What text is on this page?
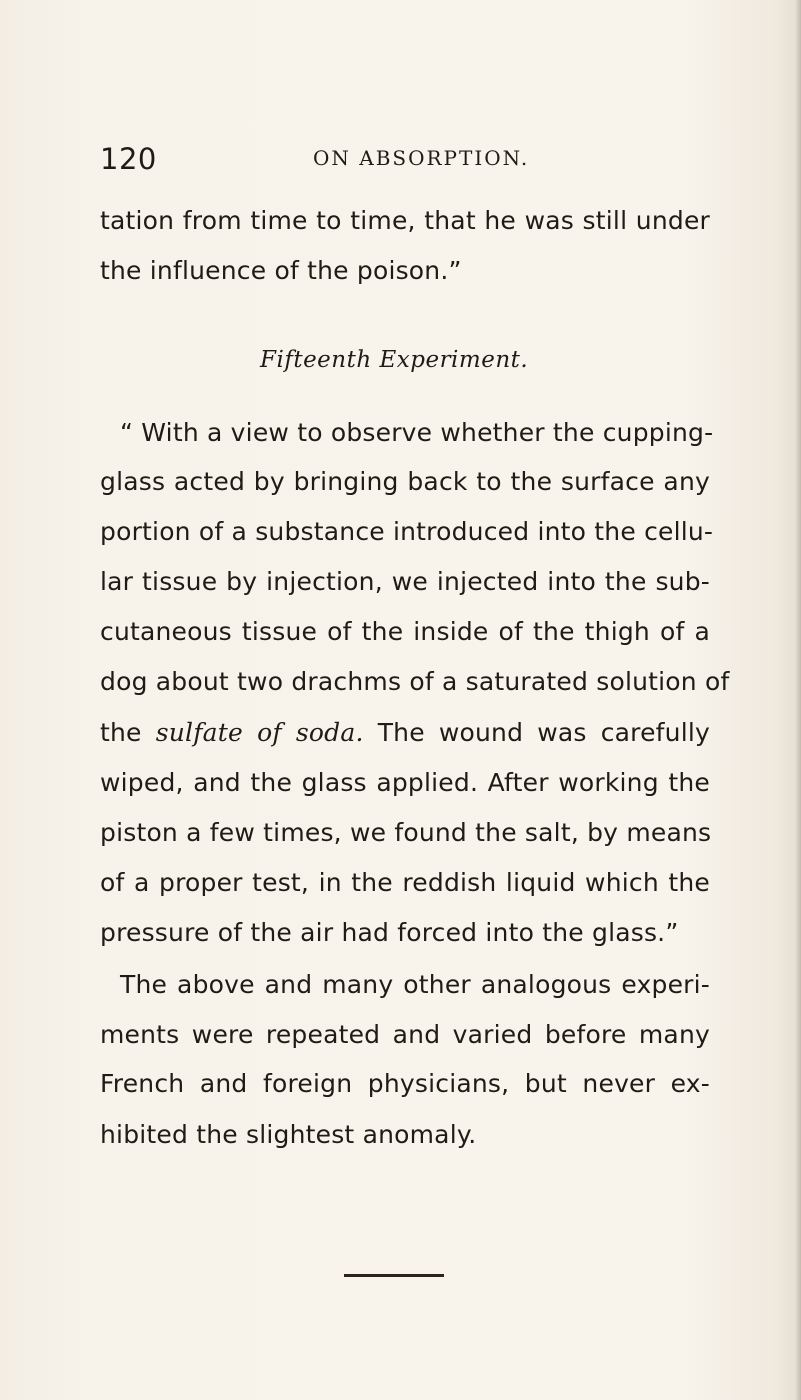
120	ON ABSORPTION.
tation from time to time, that he was still under
the influence of the poison.”
Fifteenth Experiment.
“ With a view to observe whether the cupping-
glass acted by bringing back to the surface any
portion of a substance introduced into the cellu-
lar tissue by injection, we injected into the sub-
cutaneous tissue of the inside of the thigh of a
dog about two drachms of a saturated solution of
the sulfate of soda. The wound was carefully
wiped, and the glass applied. After working the
piston a few times, we found the salt, by means
of a proper test, in the reddish liquid which the
pressure of the air had forced into the glass.”
The above and many other analogous experi-
ments were repeated and varied before many
French and foreign physicians, but never ex-
hibited the slightest anomaly.
